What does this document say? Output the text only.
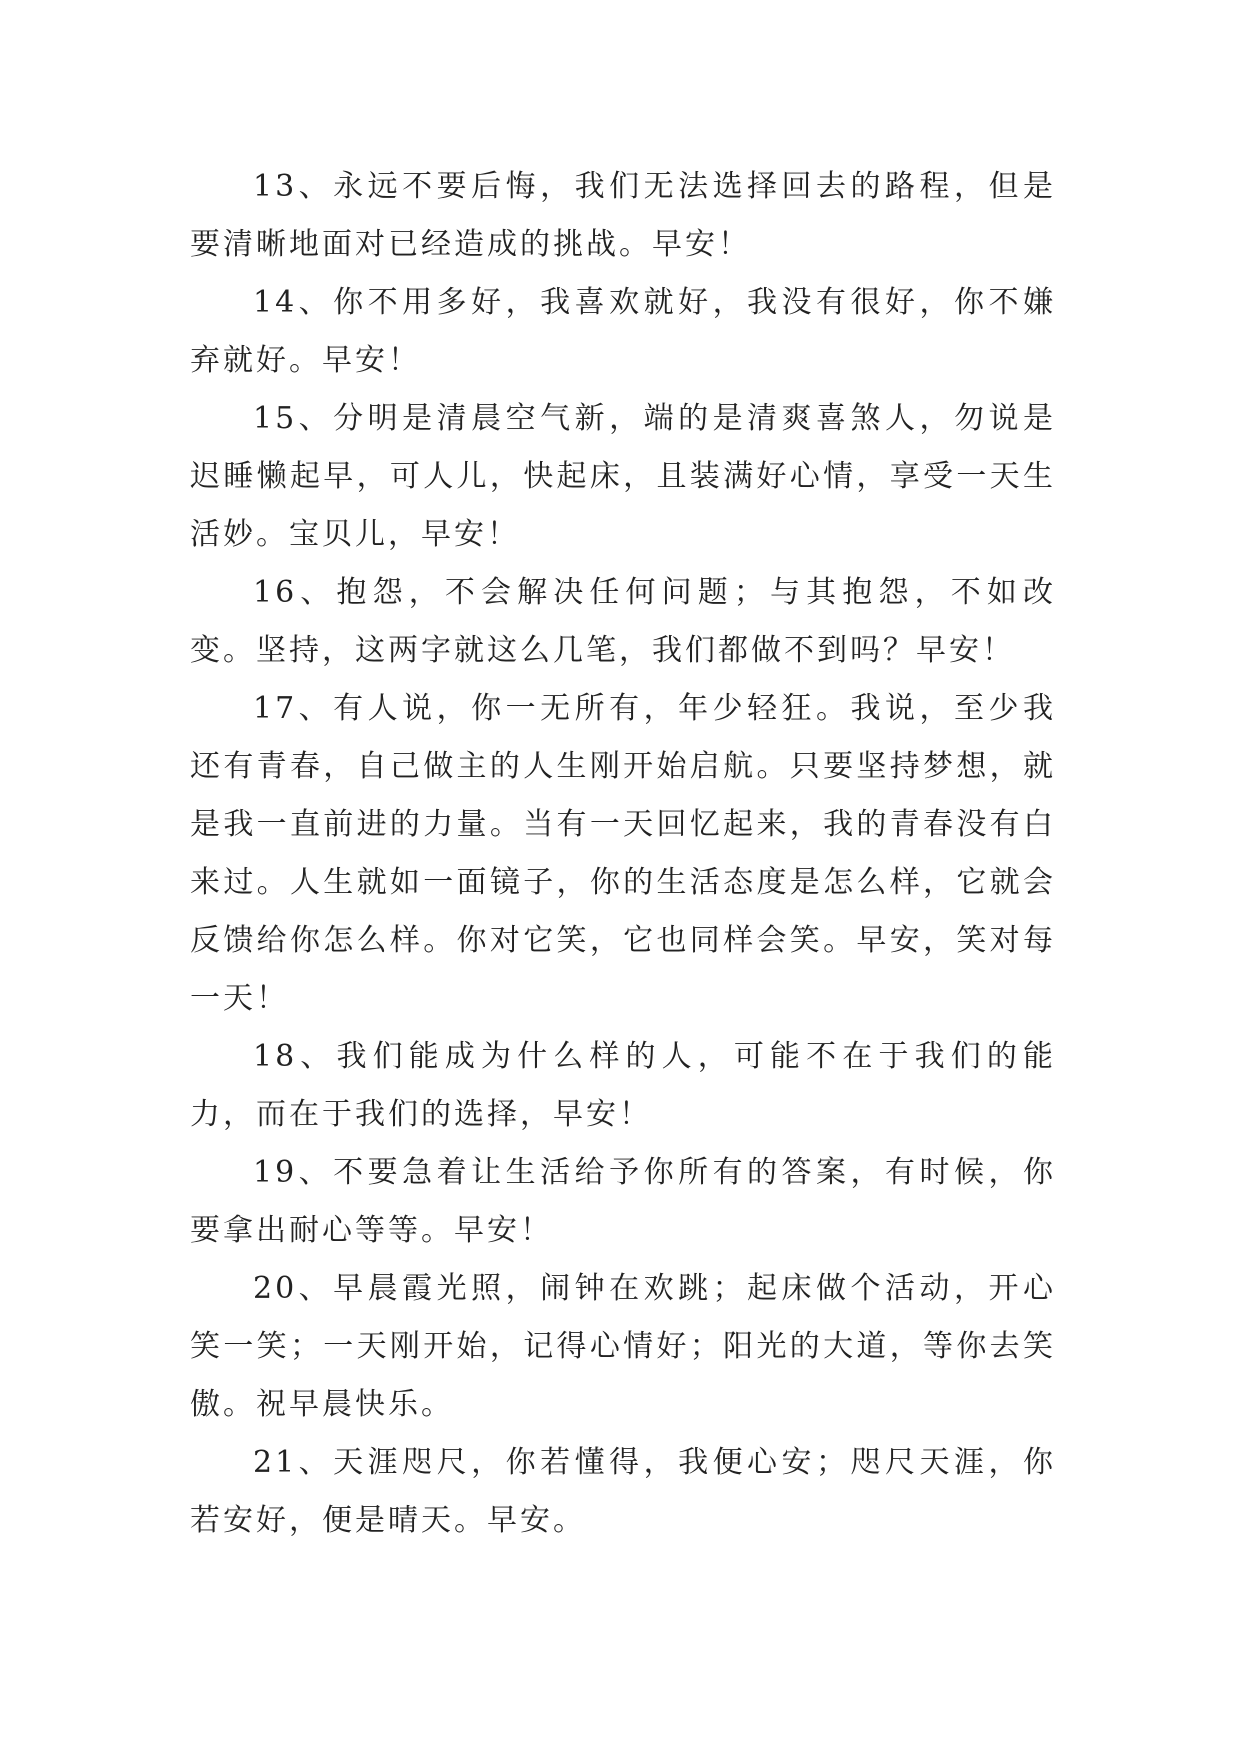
13、永远不要后悔，我们无法选择回去的路程，但是要清晰地面对已经造成的挑战。早安！

14、你不用多好，我喜欢就好，我没有很好，你不嫌弃就好。早安！

15、分明是清晨空气新，端的是清爽喜煞人，勿说是迟睡懒起早，可人儿，快起床，且装满好心情，享受一天生活妙。宝贝儿，早安！

16、抱怨，不会解决任何问题；与其抱怨，不如改变。坚持，这两字就这么几笔，我们都做不到吗？早安！

17、有人说，你一无所有，年少轻狂。我说，至少我还有青春，自己做主的人生刚开始启航。只要坚持梦想，就是我一直前进的力量。当有一天回忆起来，我的青春没有白来过。人生就如一面镜子，你的生活态度是怎么样，它就会反馈给你怎么样。你对它笑，它也同样会笑。早安，笑对每一天！

18、我们能成为什么样的人，可能不在于我们的能力，而在于我们的选择，早安！

19、不要急着让生活给予你所有的答案，有时候，你要拿出耐心等等。早安！

20、早晨霞光照，闹钟在欢跳；起床做个活动，开心笑一笑；一天刚开始，记得心情好；阳光的大道，等你去笑傲。祝早晨快乐。

21、天涯咫尺，你若懂得，我便心安；咫尺天涯，你若安好，便是晴天。早安。
